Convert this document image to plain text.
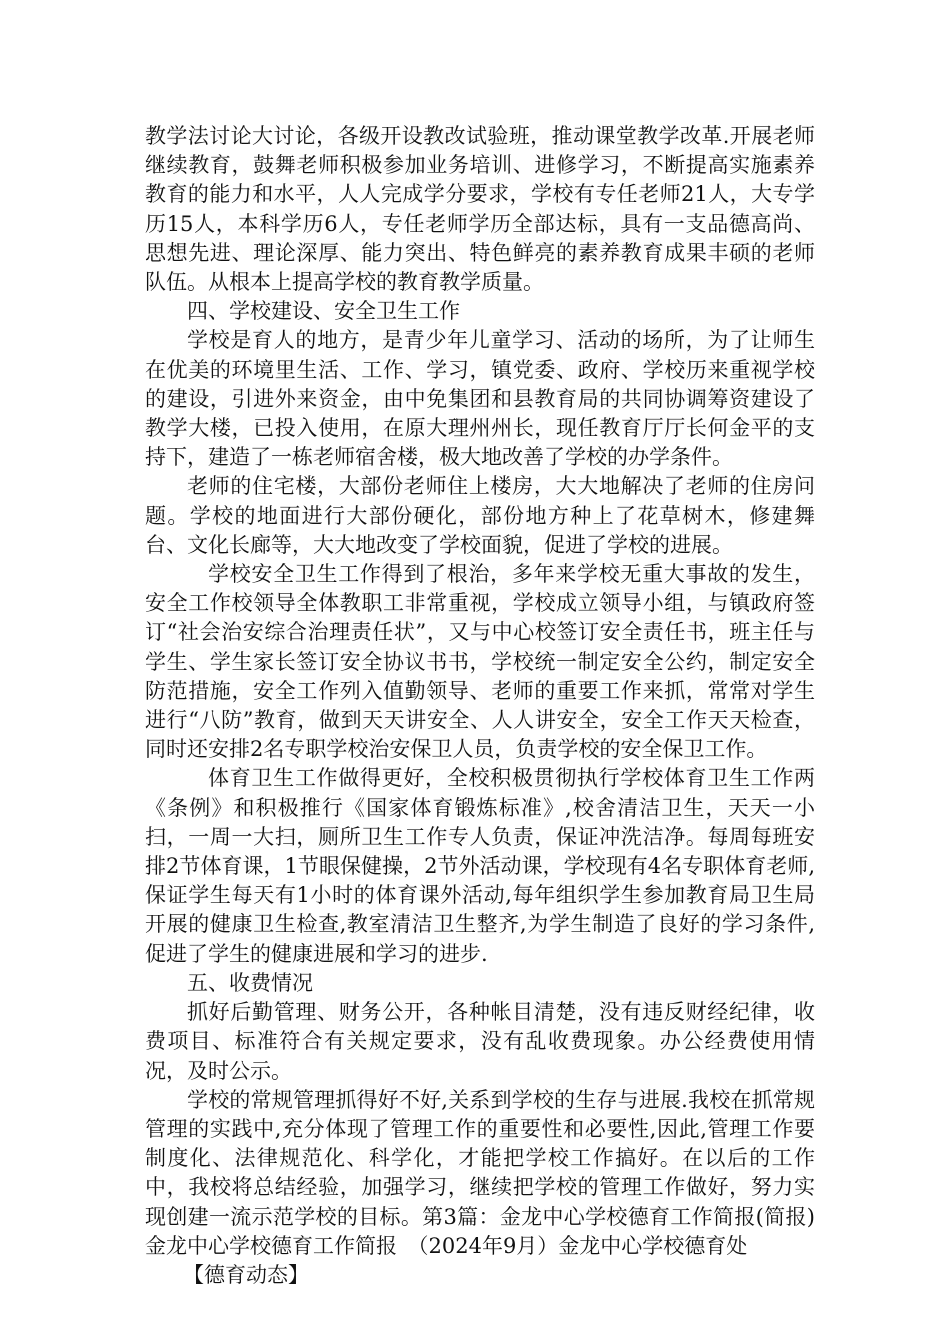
教学法讨论大讨论，各级开设教改试验班，推动课堂教学改革.开展老师继续教育，鼓舞老师积极参加业务培训、进修学习，不断提高实施素养教育的能力和水平，人人完成学分要求，学校有专任老师21人，大专学历15人，本科学历6人，专任老师学历全部达标，具有一支品德高尚、思想先进、理论深厚、能力突出、特色鲜亮的素养教育成果丰硕的老师队伍。从根本上提高学校的教育教学质量。

四、学校建设、安全卫生工作

学校是育人的地方，是青少年儿童学习、活动的场所，为了让师生在优美的环境里生活、工作、学习，镇党委、政府、学校历来重视学校的建设，引进外来资金，由中免集团和县教育局的共同协调筹资建设了教学大楼，已投入使用，在原大理州州长，现任教育厅厅长何金平的支持下，建造了一栋老师宿舍楼，极大地改善了学校的办学条件。

老师的住宅楼，大部份老师住上楼房，大大地解决了老师的住房问题。学校的地面进行大部份硬化，部份地方种上了花草树木，修建舞台、文化长廊等，大大地改变了学校面貌，促进了学校的进展。

学校安全卫生工作得到了根治，多年来学校无重大事故的发生，安全工作校领导全体教职工非常重视，学校成立领导小组，与镇政府签订“社会治安综合治理责任状”，又与中心校签订安全责任书，班主任与学生、学生家长签订安全协议书书，学校统一制定安全公约，制定安全防范措施，安全工作列入值勤领导、老师的重要工作来抓，常常对学生进行“八防”教育，做到天天讲安全、人人讲安全，安全工作天天检查，同时还安排2名专职学校治安保卫人员，负责学校的安全保卫工作。

体育卫生工作做得更好，全校积极贯彻执行学校体育卫生工作两《条例》和积极推行《国家体育锻炼标准》,校舍清洁卫生，天天一小扫，一周一大扫，厕所卫生工作专人负责，保证冲洗洁净。每周每班安排2节体育课，1节眼保健操，2节外活动课，学校现有4名专职体育老师,保证学生每天有1小时的体育课外活动,每年组织学生参加教育局卫生局开展的健康卫生检查,教室清洁卫生整齐,为学生制造了良好的学习条件,促进了学生的健康进展和学习的进步.

五、收费情况

抓好后勤管理、财务公开，各种帐目清楚，没有违反财经纪律，收费项目、标准符合有关规定要求，没有乱收费现象。办公经费使用情况，及时公示。

学校的常规管理抓得好不好,关系到学校的生存与进展.我校在抓常规管理的实践中,充分体现了管理工作的重要性和必要性,因此,管理工作要制度化、法律规范化、科学化，才能把学校工作搞好。在以后的工作中，我校将总结经验，加强学习，继续把学校的管理工作做好，努力实现创建一流示范学校的目标。第3篇：金龙中心学校德育工作简报(简报)金龙中心学校德育工作简报　（2024年9月）金龙中心学校德育处

【德育动态】
